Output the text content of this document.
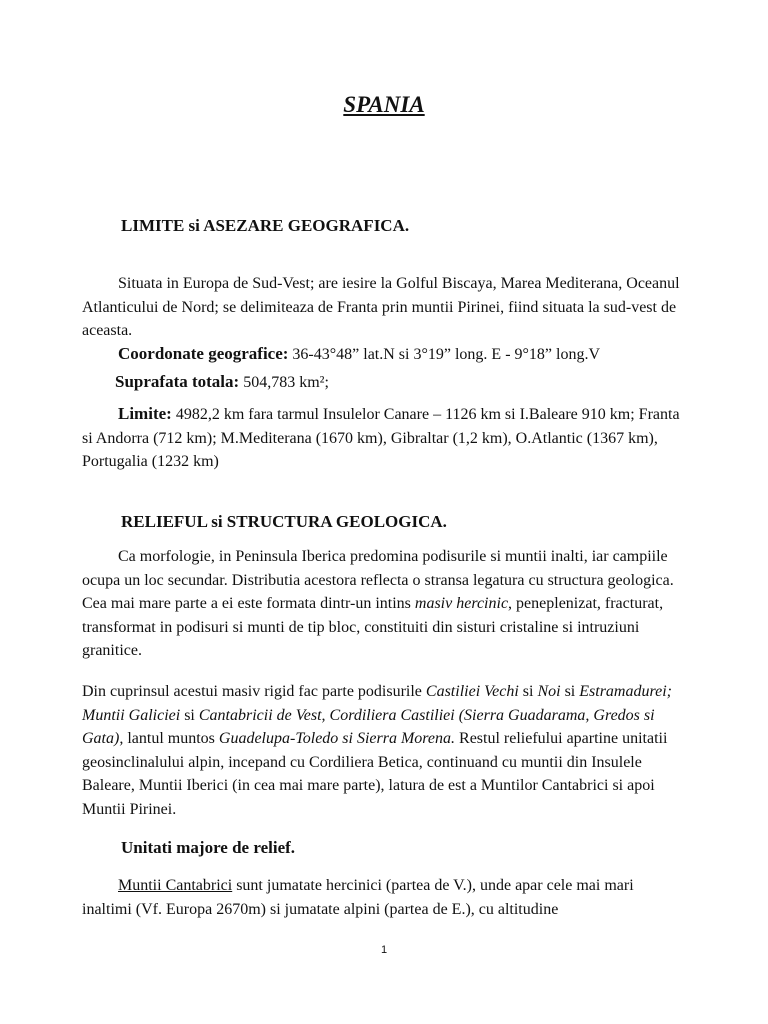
SPANIA
LIMITE si ASEZARE GEOGRAFICA.

Situata in Europa de Sud-Vest; are iesire la Golful Biscaya, Marea Mediterana, Oceanul Atlanticului de Nord; se delimiteaza de Franta prin muntii Pirinei, fiind situata la sud-vest de aceasta.

Coordonate geografice: 36-43°48” lat.N si 3°19” long. E - 9°18” long.V
Suprafata totala: 504,783 km²;

Limite: 4982,2 km fara tarmul Insulelor Canare – 1126 km si I.Baleare 910 km; Franta si Andorra (712 km); M.Mediterana (1670 km), Gibraltar (1,2 km), O.Atlantic (1367 km), Portugalia (1232 km)

RELIEFUL si STRUCTURA GEOLOGICA.

Ca morfologie, in Peninsula Iberica predomina podisurile si muntii inalti, iar campiile ocupa un loc secundar. Distributia acestora reflecta o stransa legatura cu structura geologica. Cea mai mare parte a ei este formata dintr-un intins masiv hercinic, peneplenizat, fracturat, transformat in podisuri si munti de tip bloc, constituiti din sisturi cristaline si intruziuni granitice.

Din cuprinsul acestui masiv rigid fac parte podisurile Castiliei Vechi si Noi si Estramadurei; Muntii Galiciei si Cantabricii de Vest, Cordiliera Castiliei (Sierra Guadarama, Gredos si Gata), lantul muntos Guadelupa-Toledo si Sierra Morena. Restul reliefului apartine unitatii geosinclinalului alpin, incepand cu Cordiliera Betica, continuand cu muntii din Insulele Baleare, Muntii Iberici (in cea mai mare parte), latura de est a Muntilor Cantabrici si apoi Muntii Pirinei.

Unitati majore de relief.

Muntii Cantabrici sunt jumatate hercinici (partea de V.), unde apar cele mai mari inaltimi (Vf. Europa 2670m) si jumatate alpini (partea de E.), cu altitudine

1
